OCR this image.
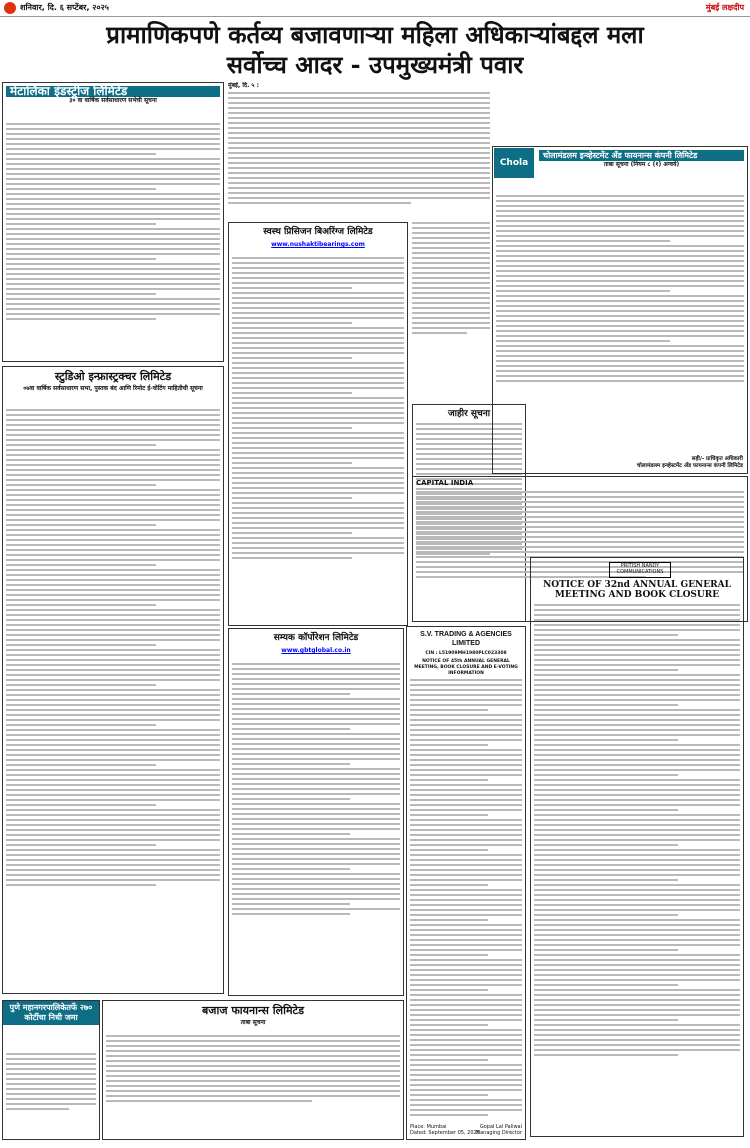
शनिवार, दि. ६ सप्टेंबर, २०२५	मुंबई लक्षदीप
प्रामाणिकपणे कर्तव्य बजावणाऱ्या महिला अधिकाऱ्यांबद्दल मला
सर्वोच्च आदर - उपमुख्यमंत्री पवार
मेटालिका इंडस्ट्रीज लिमिटेड
३० वा वार्षिक सर्वसाधारण सभेची सूचना
स्टुडिओ इन्फ्रास्ट्रक्चर लिमिटेड
०७वा वार्षिक सर्वसाधारण सभा, पुस्तक बंद आणि रिमोट ई-वोटिंग माहितीची सूचना
पुणे महानगरपालिकेतर्फे २७० कोटींचा निधी जमा
बजाज फायनान्स लिमिटेड
ताबा सूचना
मुंबई, दि. ५ :
स्वस्थ प्रिसिजन बिअरिंग्ज लिमिटेड
www.nushaktibearings.com
जाहीर सूचना
चोलामंडलम इन्व्हेस्टमेंट अँड फायनान्स कंपनी लिमिटेड
ताबा सूचना (नियम ८ (१) अन्वये)
सही/- प्राधिकृत अधिकारी
चोलामंडलम इन्व्हेस्टमेंट अँड फायनान्स कंपनी लिमिटेड
Chola
CAPITAL INDIA
सम्यक कॉर्पोरेशन लिमिटेड
www.gbtglobal.co.in
S.V. TRADING & AGENCIES LIMITED
CIN : L51909MH1980PLC023308
NOTICE OF 45th ANNUAL GENERAL MEETING, BOOK CLOSURE AND E-VOTING INFORMATION
Place: Mumbai
Dated: September 05, 2025
Gopal Lal Paliwal
Managing Director
PRITISH NANDY COMMUNICATIONS
NOTICE OF 32nd ANNUAL GENERAL MEETING AND BOOK CLOSURE
